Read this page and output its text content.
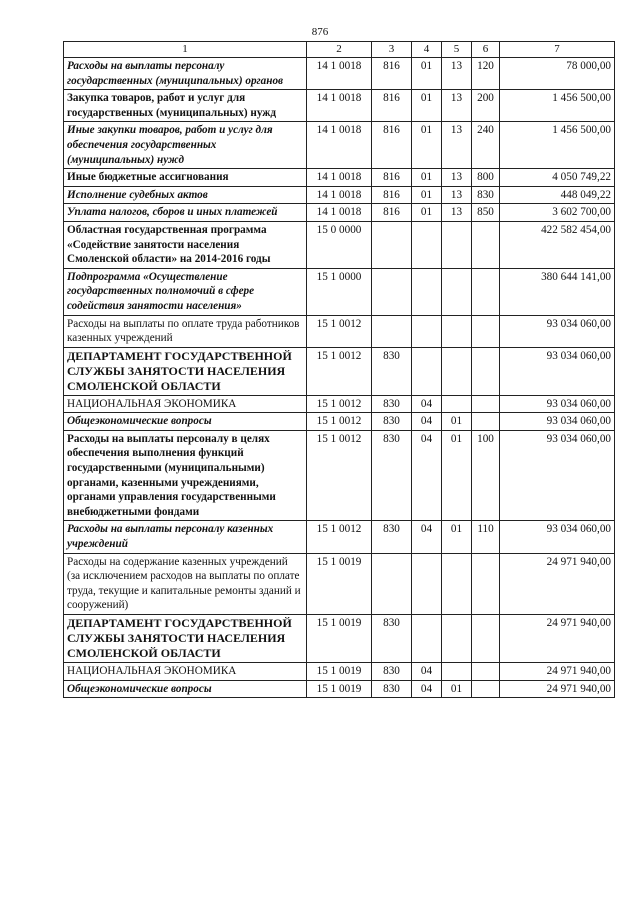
876
1	2	3	4	5	6	7
Расходы на выплаты персоналу государственных (муниципальных) органов	14 1 0018	816	01	13	120	78 000,00
Закупка товаров, работ и услуг для государственных (муниципальных) нужд	14 1 0018	816	01	13	200	1 456 500,00
Иные закупки товаров, работ и услуг для обеспечения государственных (муниципальных) нужд	14 1 0018	816	01	13	240	1 456 500,00
Иные бюджетные ассигнования	14 1 0018	816	01	13	800	4 050 749,22
Исполнение судебных актов	14 1 0018	816	01	13	830	448 049,22
Уплата налогов, сборов и иных платежей	14 1 0018	816	01	13	850	3 602 700,00
Областная государственная программа «Содействие занятости населения Смоленской области» на 2014-2016 годы	15 0 0000					422 582 454,00
Подпрограмма «Осуществление государственных полномочий в сфере содействия занятости населения»	15 1 0000					380 644 141,00
Расходы на выплаты по оплате труда работников казенных учреждений	15 1 0012					93 034 060,00
ДЕПАРТАМЕНТ ГОСУДАРСТВЕННОЙ СЛУЖБЫ ЗАНЯТОСТИ НАСЕЛЕНИЯ СМОЛЕНСКОЙ ОБЛАСТИ	15 1 0012	830				93 034 060,00
НАЦИОНАЛЬНАЯ ЭКОНОМИКА	15 1 0012	830	04			93 034 060,00
Общеэкономические вопросы	15 1 0012	830	04	01		93 034 060,00
Расходы на выплаты персоналу в целях обеспечения выполнения функций государственными (муниципальными) органами, казенными учреждениями, органами управления государственными внебюджетными фондами	15 1 0012	830	04	01	100	93 034 060,00
Расходы на выплаты персоналу казенных учреждений	15 1 0012	830	04	01	110	93 034 060,00
Расходы на содержание казенных учреждений (за исключением расходов на выплаты по оплате труда, текущие и капитальные ремонты зданий и сооружений)	15 1 0019					24 971 940,00
ДЕПАРТАМЕНТ ГОСУДАРСТВЕННОЙ СЛУЖБЫ ЗАНЯТОСТИ НАСЕЛЕНИЯ СМОЛЕНСКОЙ ОБЛАСТИ	15 1 0019	830				24 971 940,00
НАЦИОНАЛЬНАЯ ЭКОНОМИКА	15 1 0019	830	04			24 971 940,00
Общеэкономические вопросы	15 1 0019	830	04	01		24 971 940,00
